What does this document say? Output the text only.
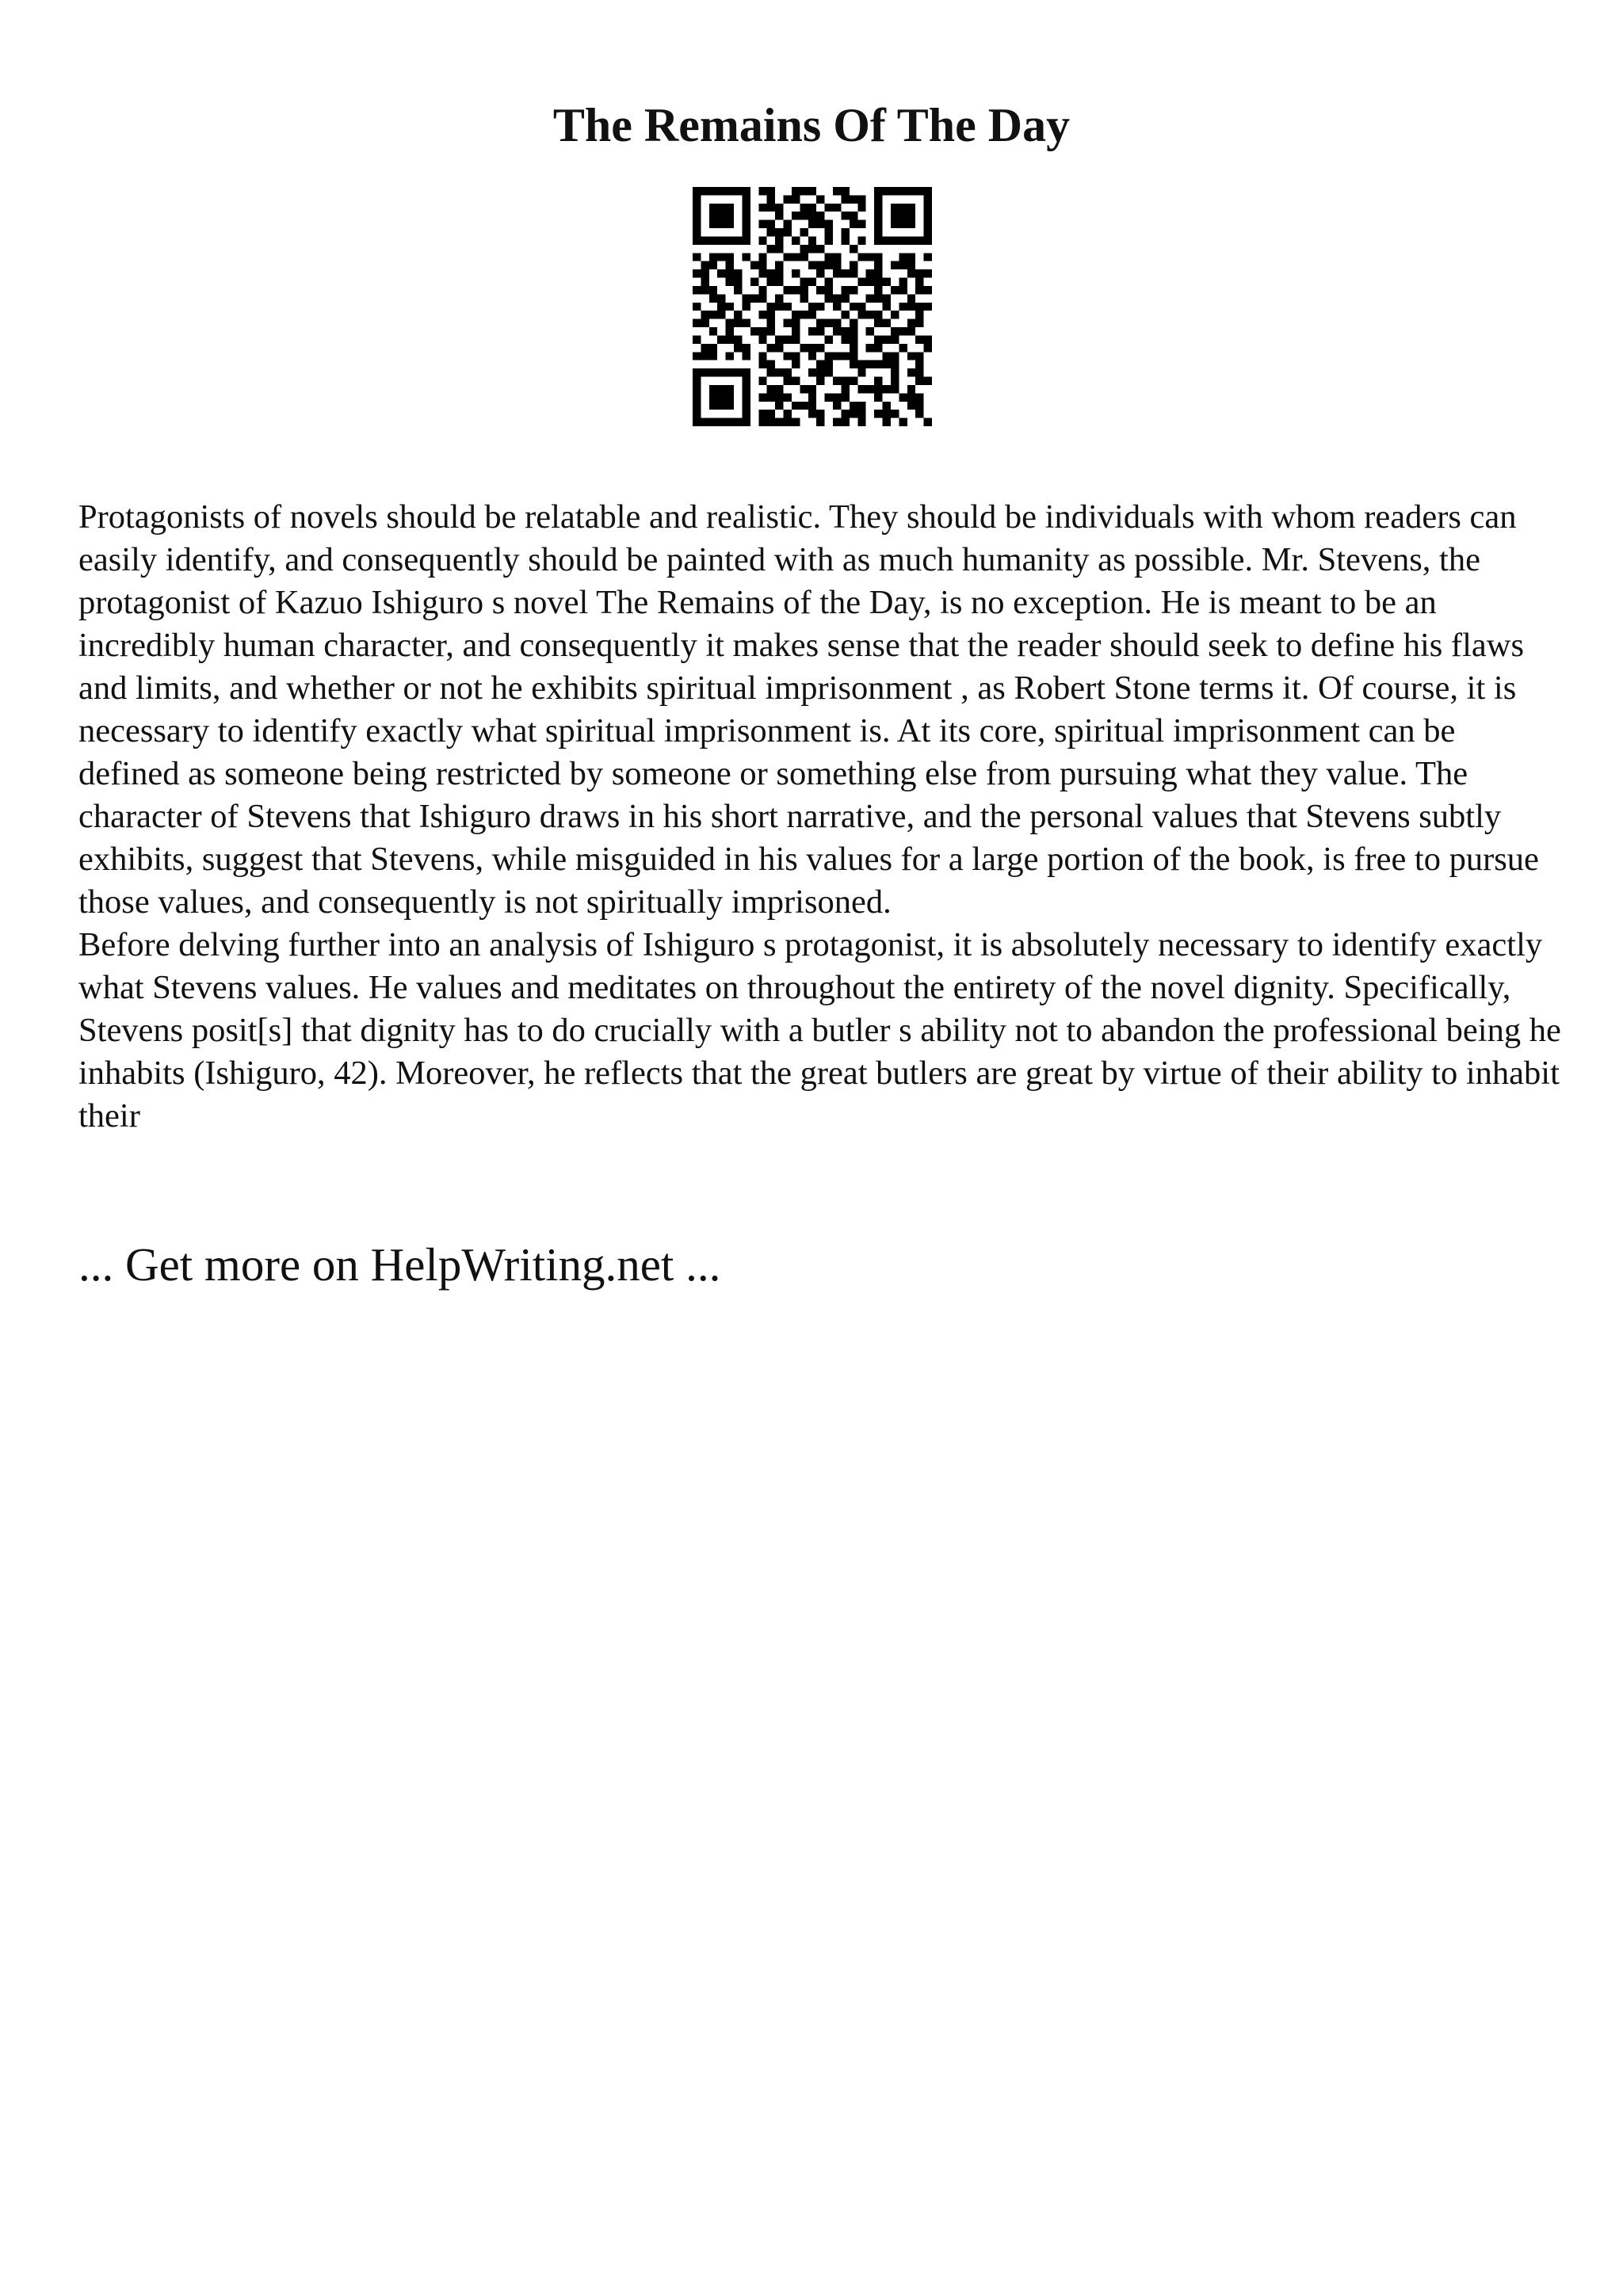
The Remains Of The Day

Protagonists of novels should be relatable and realistic. They should be individuals with whom readers can easily identify, and consequently should be painted with as much humanity as possible. Mr. Stevens, the protagonist of Kazuo Ishiguro s novel The Remains of the Day, is no exception. He is meant to be an incredibly human character, and consequently it makes sense that the reader should seek to define his flaws and limits, and whether or not he exhibits spiritual imprisonment , as Robert Stone terms it. Of course, it is necessary to identify exactly what spiritual imprisonment is. At its core, spiritual imprisonment can be defined as someone being restricted by someone or something else from pursuing what they value. The character of Stevens that Ishiguro draws in his short narrative, and the personal values that Stevens subtly exhibits, suggest that Stevens, while misguided in his values for a large portion of the book, is free to pursue those values, and consequently is not spiritually imprisoned.

Before delving further into an analysis of Ishiguro s protagonist, it is absolutely necessary to identify exactly what Stevens values. He values and meditates on throughout the entirety of the novel dignity. Specifically, Stevens posit[s] that dignity has to do crucially with a butler s ability not to abandon the professional being he inhabits (Ishiguro, 42). Moreover, he reflects that the great butlers are great by virtue of their ability to inhabit their

... Get more on HelpWriting.net ...
